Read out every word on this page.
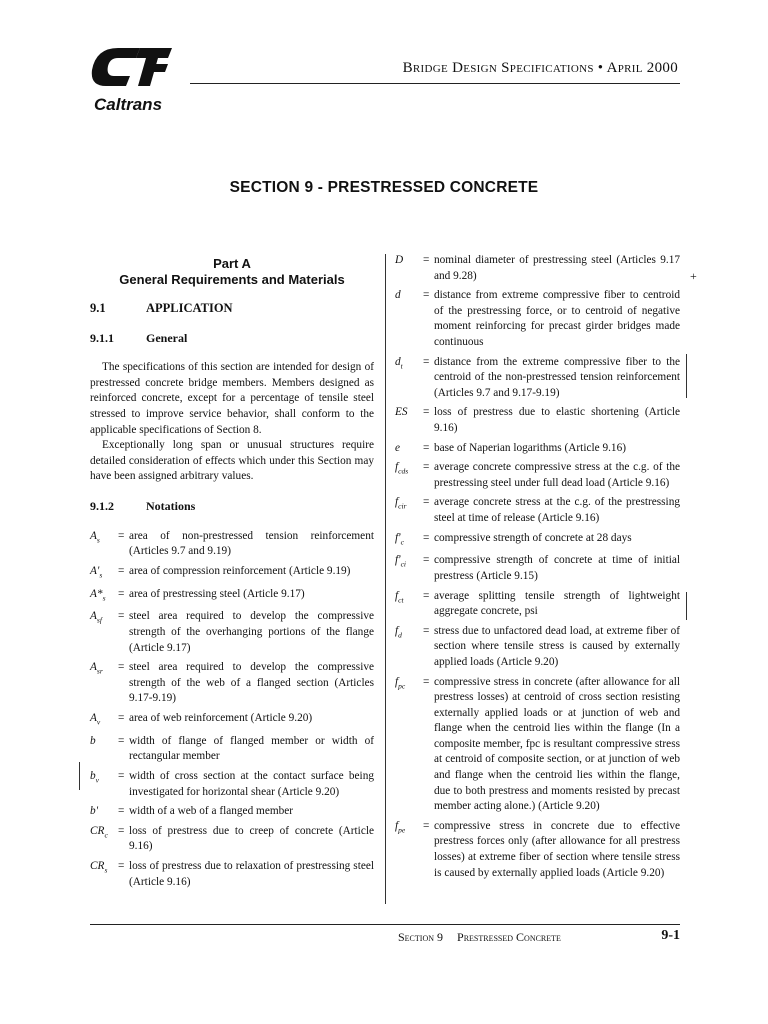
Caltrans
Bridge Design Specifications • April 2000
SECTION 9 - PRESTRESSED CONCRETE
Part A
General Requirements and Materials
9.1	APPLICATION
9.1.1	General

The specifications of this section are intended for design of prestressed concrete bridge members. Members designed as reinforced concrete, except for a percentage of tensile steel stressed to improve service behavior, shall conform to the applicable specifications of Section 8.

Exceptionally long span or unusual structures require detailed consideration of effects which under this Section may have been assigned arbitrary values.

9.1.2	Notations
$A_s$	= area of non-prestressed tension reinforcement (Articles 9.7 and 9.19)
$A'_s$	= area of compression reinforcement (Article 9.19)
$A*_s$	= area of prestressing steel (Article 9.17)
$A_{sf}$	= steel area required to develop the compressive strength of the overhanging portions of the flange (Article 9.17)
$A_{sr}$	= steel area required to develop the compressive strength of the web of a flanged section (Articles 9.17-9.19)
$A_v$	= area of web reinforcement (Article 9.20)
b	= width of flange of flanged member or width of rectangular member
$b_v$	= width of cross section at the contact surface being investigated for horizontal shear (Article 9.20)
b'	= width of a web of a flanged member
$CR_c$ = loss of prestress due to creep of concrete (Article 9.16)
$CR_s$ = loss of prestress due to relaxation of prestressing steel (Article 9.16)
D	= nominal diameter of prestressing steel (Articles 9.17 and 9.28)
d	= distance from extreme compressive fiber to centroid of the prestressing force, or to centroid of negative moment reinforcing for precast girder bridges made continuous
$d_t$	= distance from the extreme compressive fiber to the centroid of the non-prestressed tension reinforcement (Articles 9.7 and 9.17-9.19)
ES	= loss of prestress due to elastic shortening (Article 9.16)
e	= base of Naperian logarithms (Article 9.16)
$f_{cds}$	= average concrete compressive stress at the c.g. of the prestressing steel under full dead load (Article 9.16)
$f_{cir}$	= average concrete stress at the c.g. of the prestressing steel at time of release (Article 9.16)
$f'_c$	= compressive strength of concrete at 28 days
$f'_{ci}$	= compressive strength of concrete at time of initial prestress (Article 9.15)
$f_{ct}$	= average splitting tensile strength of lightweight aggregate concrete, psi
$f_d$	= stress due to unfactored dead load, at extreme fiber of section where tensile stress is caused by externally applied loads (Article 9.20)
$f_{pc}$	= compressive stress in concrete (after allowance for all prestress losses) at centroid of cross section resisting externally applied loads or at junction of web and flange when the centroid lies within the flange (In a composite member, fpc is resultant compressive stress at centroid of composite section, or at junction of web and flange when the centroid lies within the flange, due to both prestress and moments resisted by precast member acting alone.) (Article 9.20)
$f_{pe}$	= compressive stress in concrete due to effective prestress forces only (after allowance for all prestress losses) at extreme fiber of section where tensile stress is caused by externally applied loads (Article 9.20)
+
Section 9 Prestressed Concrete	9-1
